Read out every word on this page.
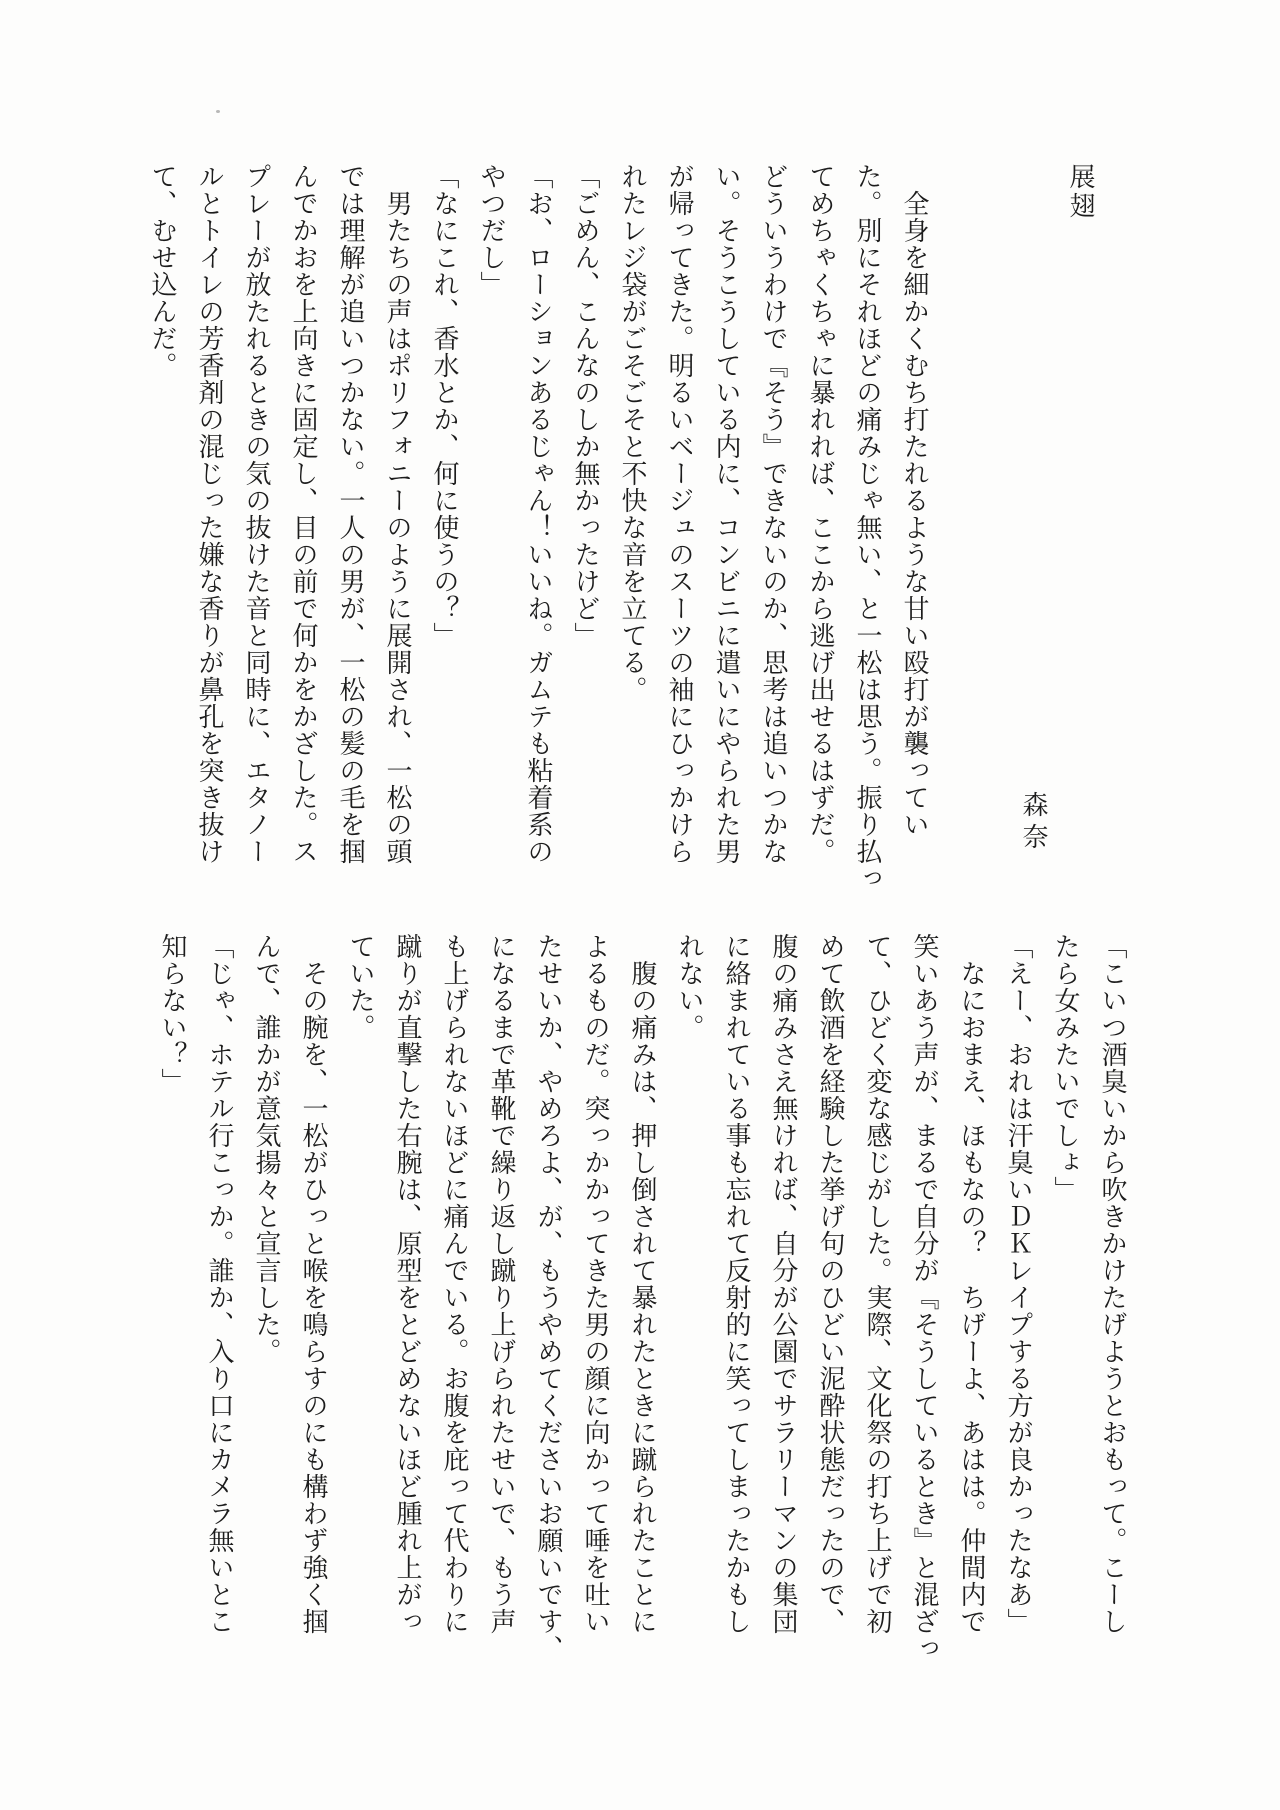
展翅
森奈
　全身を細かくむち打たれるような甘い殴打が襲ってい
た。別にそれほどの痛みじゃ無い、と一松は思う。振り払っ
てめちゃくちゃに暴れれば、ここから逃げ出せるはずだ。
どういうわけで『そう』できないのか、思考は追いつかな
い。そうこうしている内に、コンビニに遣いにやられた男
が帰ってきた。明るいベージュのスーツの袖にひっかけら
れたレジ袋がごそごそと不快な音を立てる。
「ごめん、こんなのしか無かったけど」
「お、ローションあるじゃん！いいね。ガムテも粘着系の
やつだし」
「なにこれ、香水とか、何に使うの？」
　男たちの声はポリフォニーのように展開され、一松の頭
では理解が追いつかない。一人の男が、一松の髪の毛を掴
んでかおを上向きに固定し、目の前で何かをかざした。ス
プレーが放たれるときの気の抜けた音と同時に、エタノー
ルとトイレの芳香剤の混じった嫌な香りが鼻孔を突き抜け
て、むせ込んだ。
「こいつ酒臭いから吹きかけたげようとおもって。こーし
たら女みたいでしょ」
「えー、おれは汗臭いＤＫレイプする方が良かったなあ」
　なにおまえ、ほもなの？　ちげーよ、あはは。仲間内で
笑いあう声が、まるで自分が『そうしているとき』と混ざっ
て、ひどく変な感じがした。実際、文化祭の打ち上げで初
めて飲酒を経験した挙げ句のひどい泥酔状態だったので、
腹の痛みさえ無ければ、自分が公園でサラリーマンの集団
に絡まれている事も忘れて反射的に笑ってしまったかもし
れない。
　腹の痛みは、押し倒されて暴れたときに蹴られたことに
よるものだ。突っかかってきた男の顔に向かって唾を吐い
たせいか、やめろよ、が、もうやめてくださいお願いです、
になるまで革靴で繰り返し蹴り上げられたせいで、もう声
も上げられないほどに痛んでいる。お腹を庇って代わりに
蹴りが直撃した右腕は、原型をとどめないほど腫れ上がっ
ていた。
　その腕を、一松がひっと喉を鳴らすのにも構わず強く掴
んで、誰かが意気揚々と宣言した。
「じゃ、ホテル行こっか。誰か、入り口にカメラ無いとこ
知らない？」
